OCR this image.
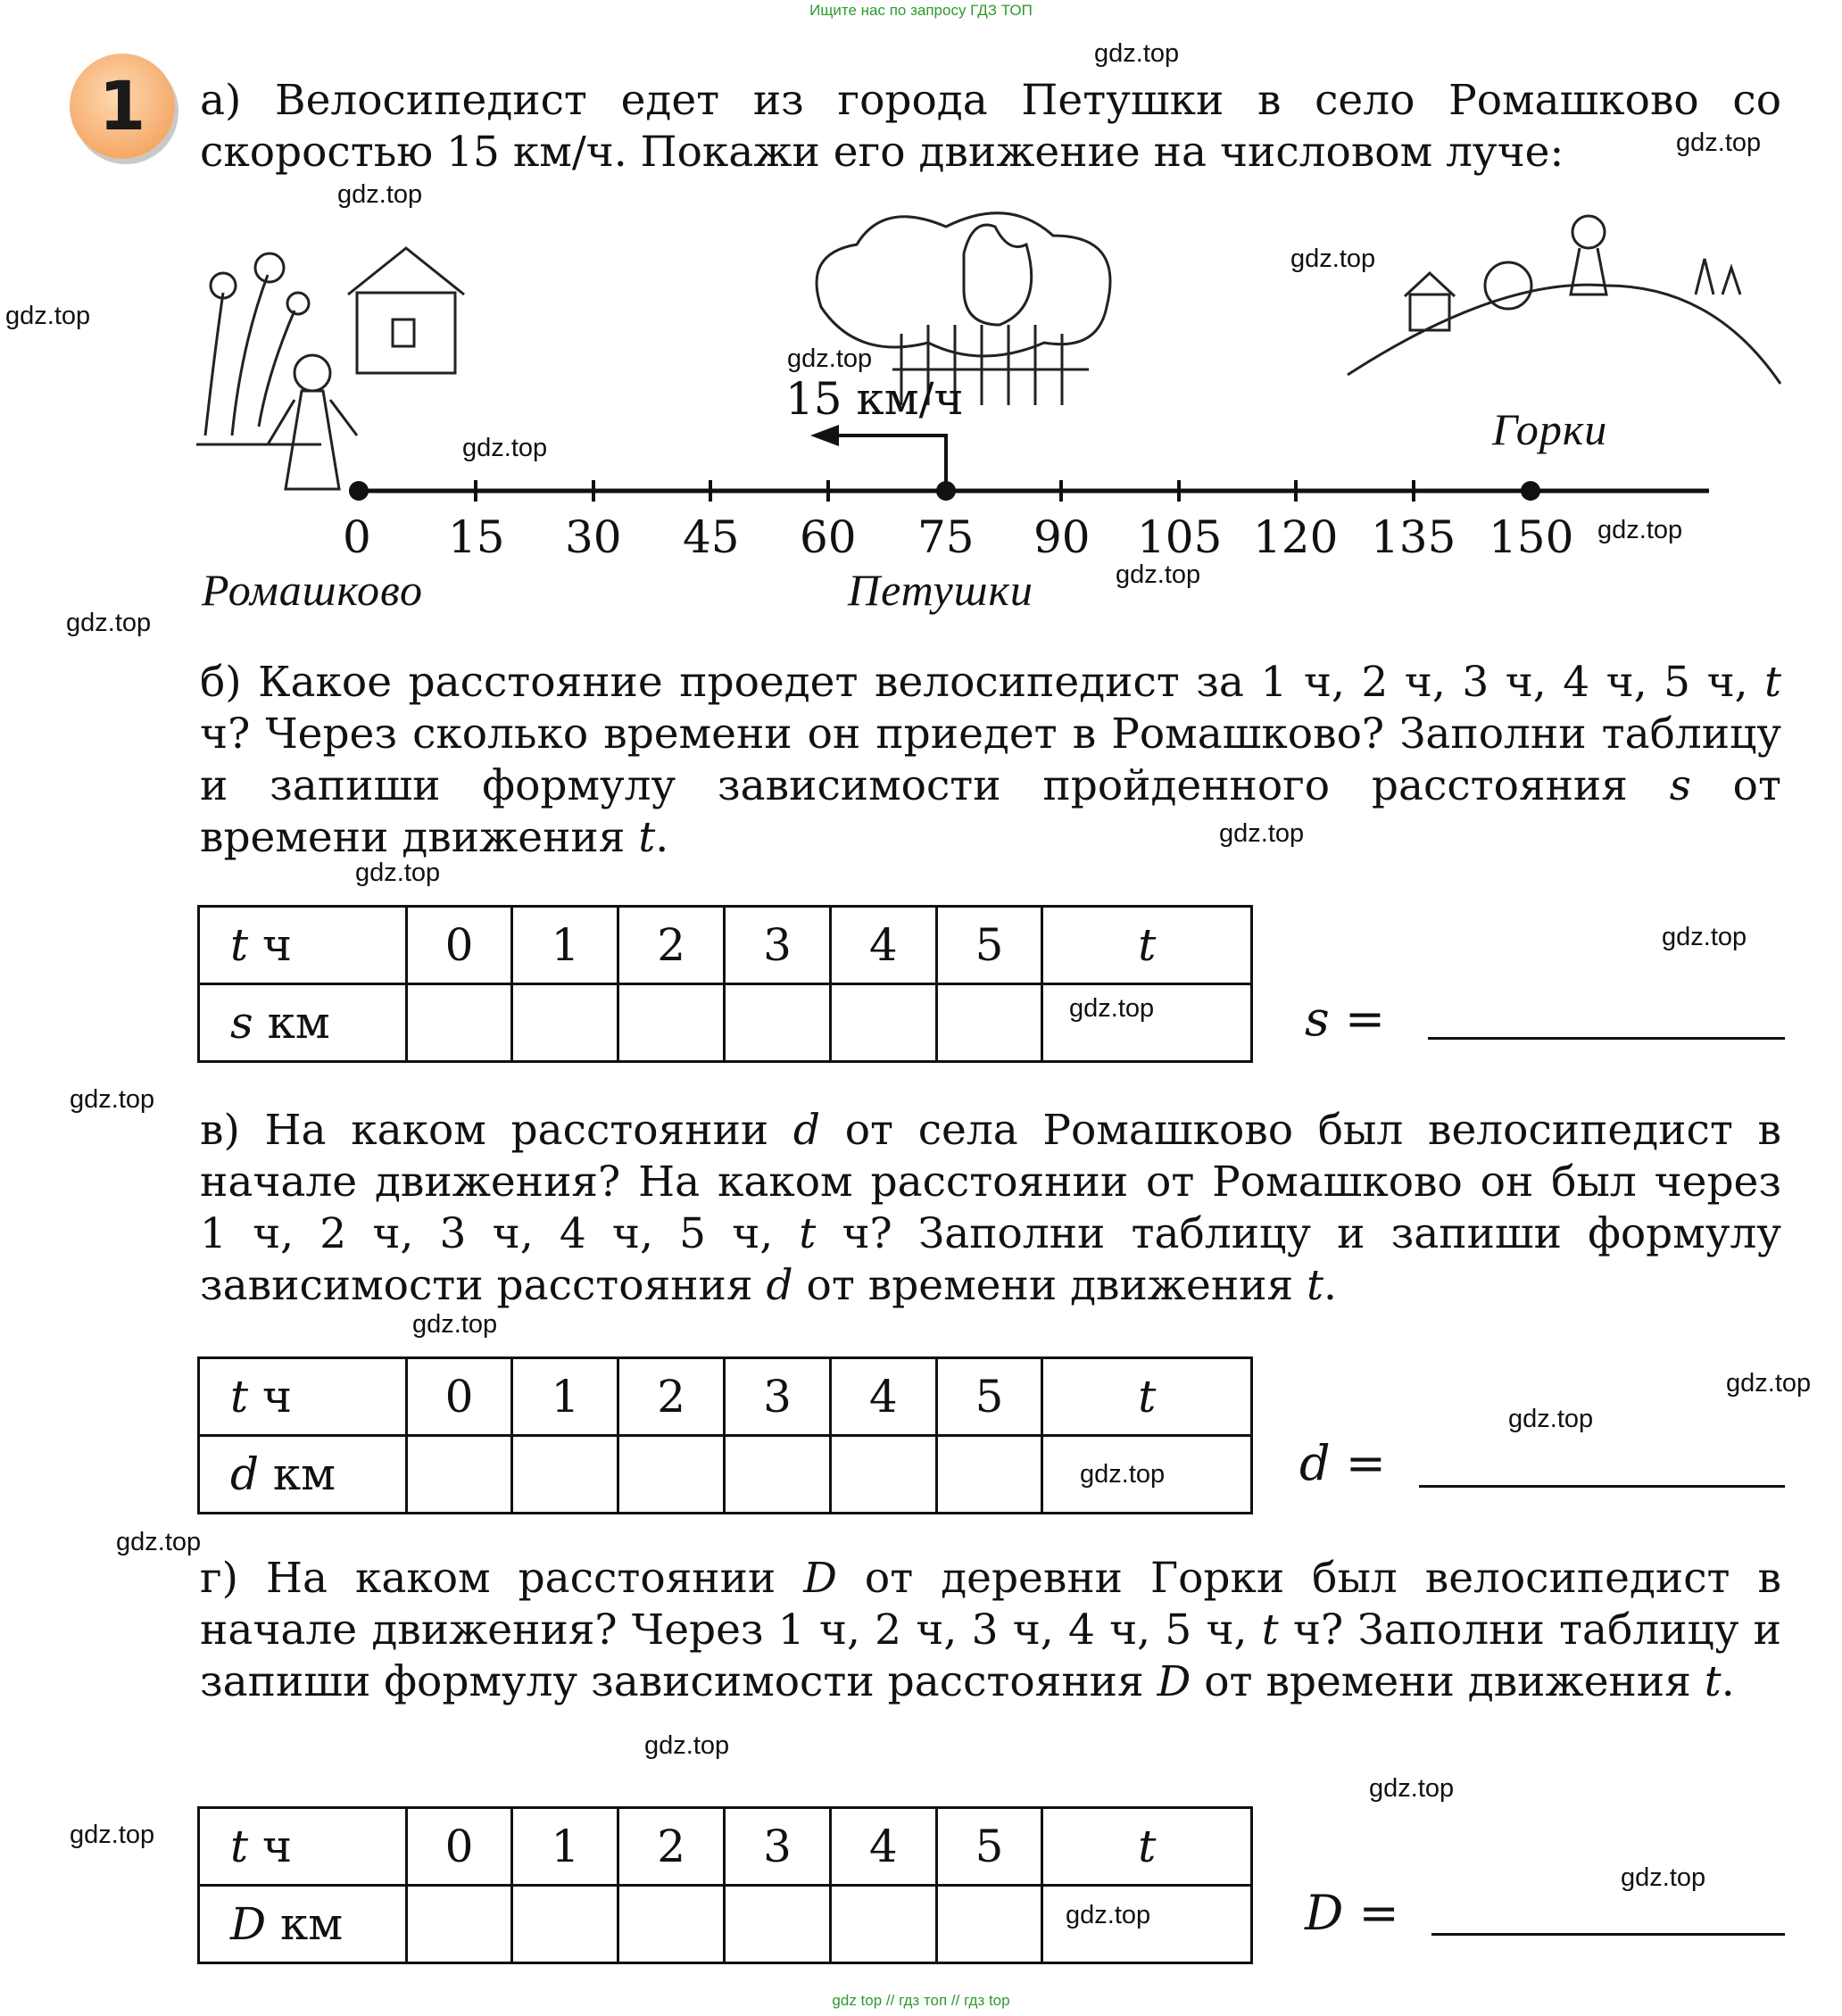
Ищите нас по запросу ГДЗ ТОП
gdz top // гдз топ // гдз top
gdz.top
gdz.top
gdz.top
gdz.top
gdz.top
gdz.top
gdz.top
gdz.top
gdz.top
gdz.top
gdz.top
gdz.top
gdz.top
gdz.top
gdz.top
gdz.top
gdz.top
gdz.top
gdz.top
gdz.top
gdz.top
gdz.top
gdz.top
gdz.top
gdz.top
1	а) Велосипедист едет из города Петушки в село Ромашково со скоростью 15 км/ч. Покажи его движение на числовом луче:
15 км/ч
0 15 30 45 60 75 90 105 120 135 150
Ромашково	Петушки
Горки
б) Какое расстояние проедет велосипедист за 1 ч, 2 ч, 3 ч, 4 ч, 5 ч, t ч? Через сколько времени он приедет в Ромашково? Заполни таблицу и запиши формулу зависимости пройденного расстояния s от времени движения t.
t ч	0	1	2	3	4	5	t
s км								s =
в) На каком расстоянии d от села Ромашково был велосипедист в начале движения? На каком расстоянии от Ромашково он был через 1 ч, 2 ч, 3 ч, 4 ч, 5 ч, t ч? Заполни таблицу и запиши формулу зависимости расстояния d от времени движения t.
t ч	0	1	2	3	4	5	t
d км								d =
г) На каком расстоянии D от деревни Горки был велосипедист в начале движения? Через 1 ч, 2 ч, 3 ч, 4 ч, 5 ч, t ч? Заполни таблицу и запиши формулу зависимости расстояния D от времени движения t.
t ч	0	1	2	3	4	5	t
D км								D =
